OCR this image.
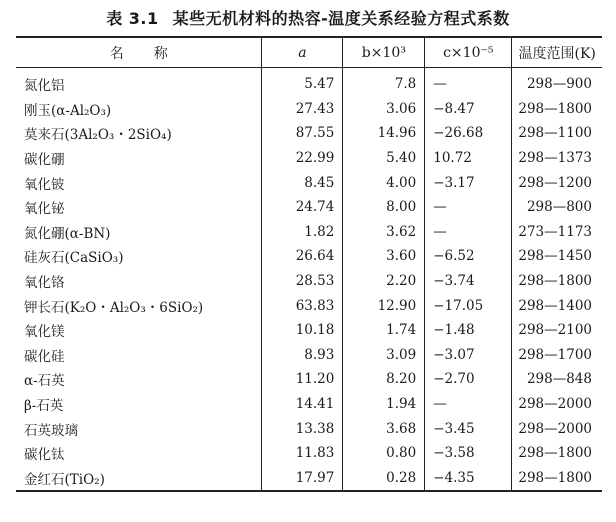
表 3.1 某些无机材料的热容-温度关系经验方程式系数
名称	a	b×10³	c×10⁻⁵	温度范围(K)
氮化铝	5.47	7.8	—	298—900
刚玉(α-Al₂O₃)	27.43	3.06	−8.47	298—1800
莫来石(3Al₂O₃・2SiO₄)	87.55	14.96	−26.68	298—1100
碳化硼	22.99	5.40	10.72	298—1373
氧化铍	8.45	4.00	−3.17	298—1200
氧化铋	24.74	8.00	—	298—800
氮化硼(α-BN)	1.82	3.62	—	273—1173
硅灰石(CaSiO₃)	26.64	3.60	−6.52	298—1450
氧化铬	28.53	2.20	−3.74	298—1800
钾长石(K₂O・Al₂O₃・6SiO₂)	63.83	12.90	−17.05	298—1400
氧化镁	10.18	1.74	−1.48	298—2100
碳化硅	8.93	3.09	−3.07	298—1700
α-石英	11.20	8.20	−2.70	298—848
β-石英	14.41	1.94	—	298—2000
石英玻璃	13.38	3.68	−3.45	298—2000
碳化钛	11.83	0.80	−3.58	298—1800
金红石(TiO₂)	17.97	0.28	−4.35	298—1800
